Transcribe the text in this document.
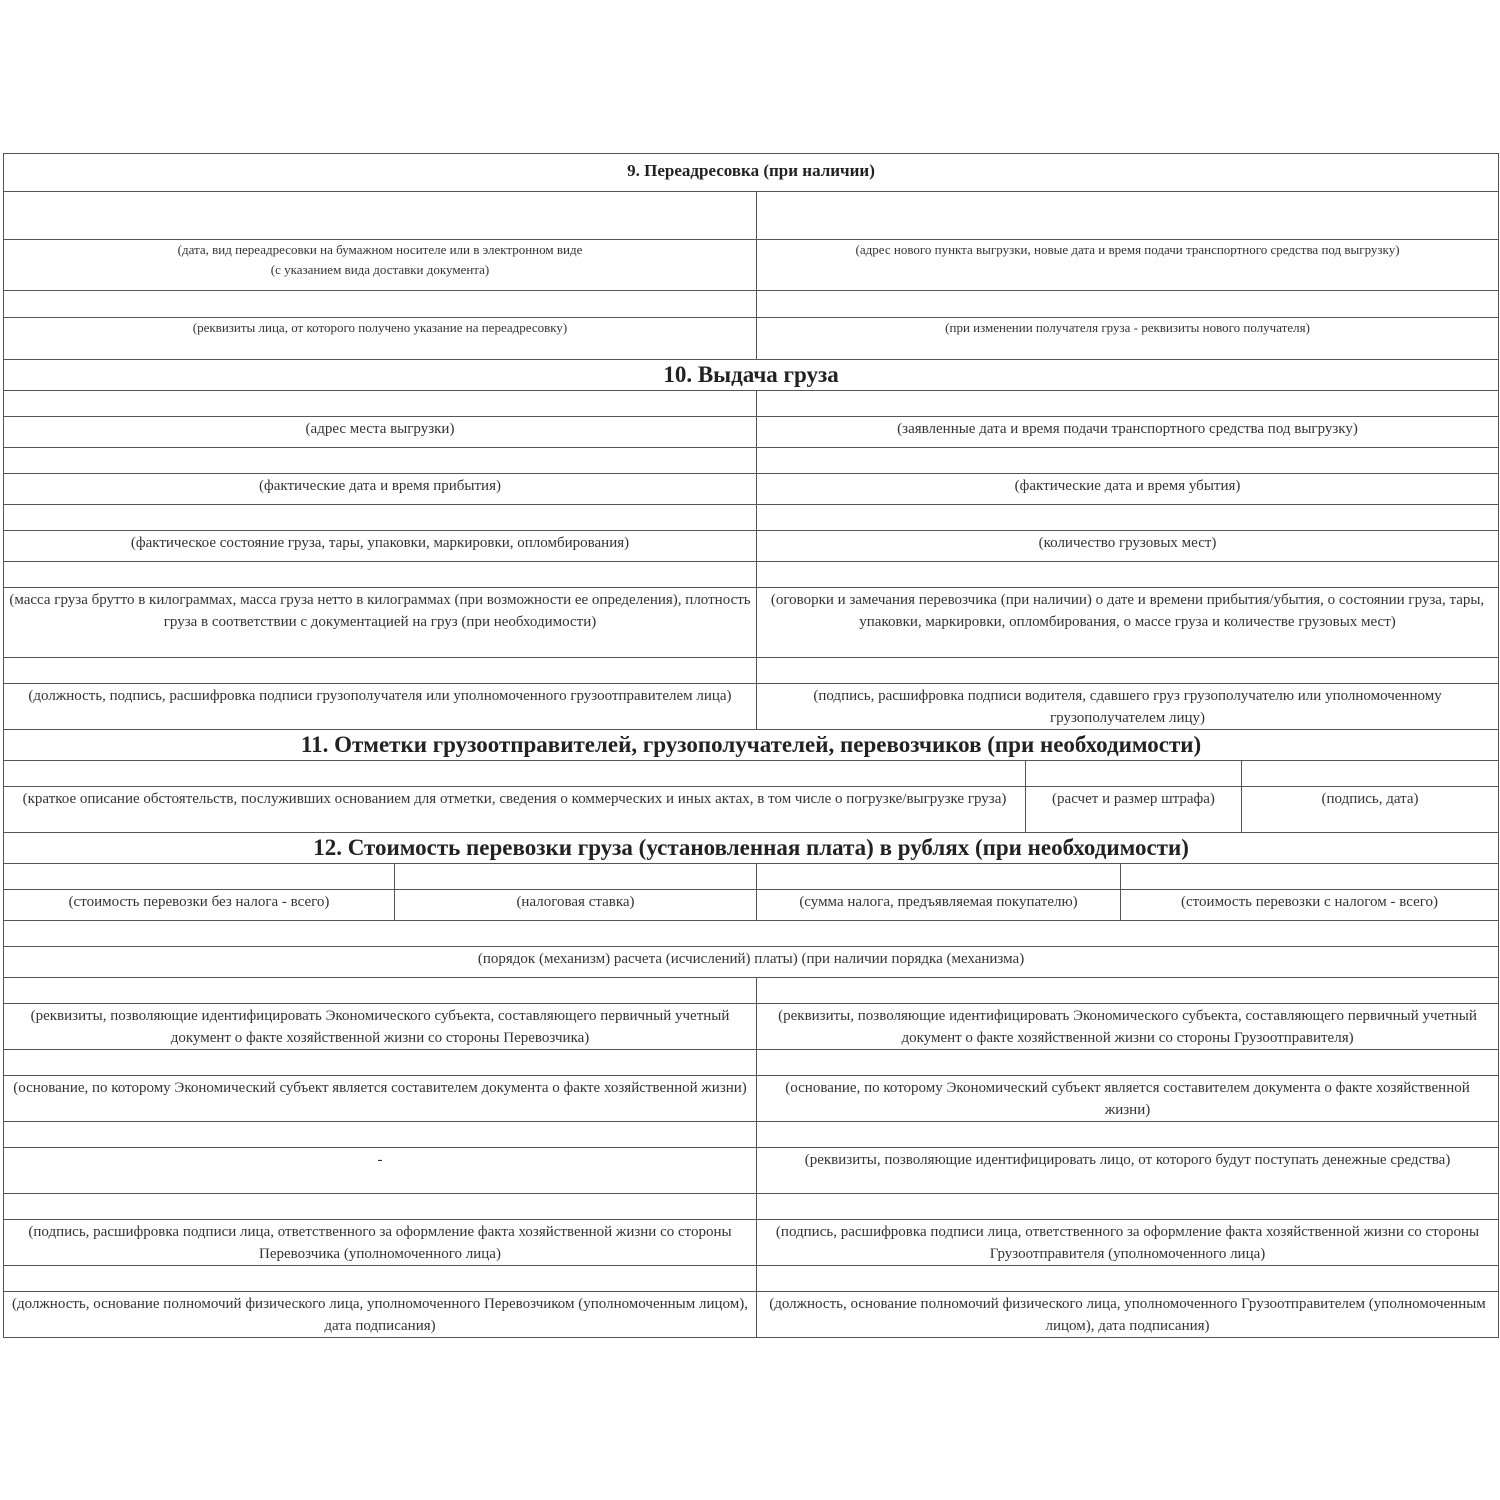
9. Переадресовка (при наличии)					

(дата, вид переадресовки на бумажном носителе или в электронном виде
(с указанием вида доставки документа)		(адрес нового пункта выгрузки, новые дата и время подачи транспортного средства под выгрузку)			

(реквизиты лица, от которого получено указание на переадресовку)		(при изменении получателя груза - реквизиты нового получателя)			
10. Выдача груза					

(адрес места выгрузки)		(заявленные дата и время подачи транспортного средства под выгрузку)			

(фактические дата и время прибытия)		(фактические дата и время убытия)			

(фактическое состояние груза, тары, упаковки, маркировки, опломбирования)		(количество грузовых мест)			

(масса груза брутто в килограммах, масса груза нетто в килограммах (при возможности ее определения), плотность груза в соответствии с документацией на груз (при необходимости)		(оговорки и замечания перевозчика (при наличии) о дате и времени прибытия/убытия, о состоянии груза, тары, упаковки, маркировки, опломбирования, о массе груза и количестве грузовых мест)			

(должность, подпись, расшифровка подписи грузополучателя или уполномоченного грузоотправителем лица)		(подпись, расшифровка подписи водителя, сдавшего груз грузополучателю или уполномоченному грузополучателем лицу)			
11. Отметки грузоотправителей, грузополучателей, перевозчиков (при необходимости)					

(краткое описание обстоятельств, послуживших основанием для отметки, сведения о коммерческих и иных актах, в том числе о погрузке/выгрузке груза)			(расчет и размер штрафа)		(подпись, дата)
12. Стоимость перевозки груза (установленная плата) в рублях (при необходимости)					

(стоимость перевозки без налога - всего)	(налоговая ставка)	(сумма налога, предъявляемая покупателю)		(стоимость перевозки с налогом - всего)	

(порядок (механизм) расчета (исчислений) платы) (при наличии порядка (механизма)					

(реквизиты, позволяющие идентифицировать Экономического субъекта, составляющего первичный учетный документ о факте хозяйственной жизни со стороны Перевозчика)		(реквизиты, позволяющие идентифицировать Экономического субъекта, составляющего первичный учетный документ о факте хозяйственной жизни со стороны Грузоотправителя)			

(основание, по которому Экономический субъект является составителем документа о факте хозяйственной жизни)		(основание, по которому Экономический субъект является составителем документа о факте хозяйственной жизни)			

-		(реквизиты, позволяющие идентифицировать лицо, от которого будут поступать денежные средства)			

(подпись, расшифровка подписи лица, ответственного за оформление факта хозяйственной жизни со стороны Перевозчика (уполномоченного лица)		(подпись, расшифровка подписи лица, ответственного за оформление факта хозяйственной жизни со стороны Грузоотправителя (уполномоченного лица)			

(должность, основание полномочий физического лица, уполномоченного Перевозчиком (уполномоченным лицом), дата подписания)		(должность, основание полномочий физического лица, уполномоченного Грузоотправителем (уполномоченным лицом), дата подписания)			
